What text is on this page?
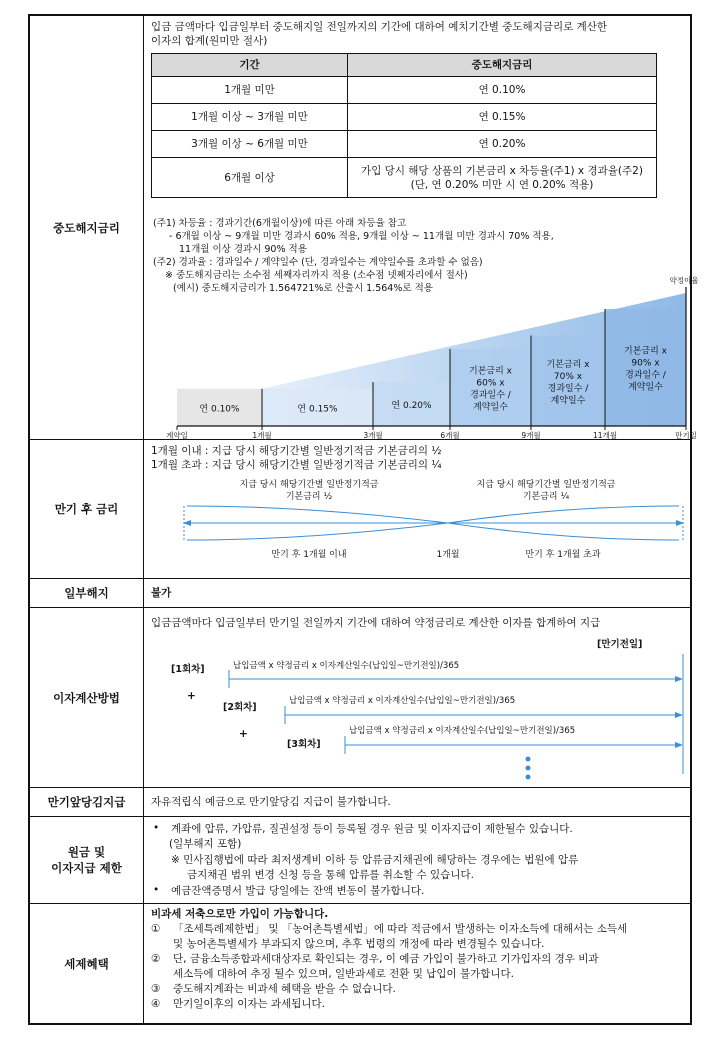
중도해지금리
입금 금액마다 입금일부터 중도해지일 전일까지의 기간에 대하여 예치기간별 중도해지금리로 계산한
이자의 합계(원미만 절사)
기간	중도해지금리
1개월 미만	연 0.10%
1개월 이상 ~ 3개월 미만	연 0.15%
3개월 이상 ~ 6개월 미만	연 0.20%
6개월 이상	가입 당시 해당 상품의 기본금리 x 차등율(주1) x 경과율(주2)
(단, 연 0.20% 미만 시 연 0.20% 적용)
(주1) 차등율 : 경과기간(6개월이상)에 따른 아래 차등율 참고
- 6개월 이상 ~ 9개월 미만 경과시 60% 적용, 9개월 이상 ~ 11개월 미만 경과시 70% 적용,
11개월 이상 경과시 90% 적용
(주2) 경과율 : 경과일수 / 계약일수 (단, 경과일수는 계약일수를 초과할 수 없음)
※ 중도해지금리는 소수점 세째자리까지 적용 (소수점 넷째자리에서 절사)
(예시) 중도해지금리가 1.564721%로 산출시 1.564%로 적용
연 0.10%	연 0.15%	연 0.20%
기본금리 x
60% x
경과일수 /
계약일수
기본금리 x
70% x
경과일수 /
계약일수
기본금리 x
90% x
경과일수 /
계약일수
약정이율
계약일	1개월	3개월	6개월	9개월	11개월	만기일
만기 후 금리
1개월 이내 : 지급 당시 해당기간별 일반정기적금 기본금리의 ½
1개월 초과 : 지급 당시 해당기간별 일반정기적금 기본금리의 ¼
지급 당시 해당기간별 일반정기적금
기본금리 ½
지급 당시 해당기간별 일반정기적금
기본금리 ¼
만기 후 1개월 이내	1개월	만기 후 1개월 초과
일부해지	불가
이자계산방법
입금금액마다 입금일부터 만기일 전일까지 기간에 대하여 약정금리로 계산한 이자를 합계하여 지급
[만기전일]
[1회차]	납입금액 x 약정금리 x 이자계산일수(납입일~만기전일)/365
+
[2회차]
납입금액 x 약정금리 x 이자계산일수(납입일~만기전일)/365
+
[3회차]
납입금액 x 약정금리 x 이자계산일수(납입일~만기전일)/365
만기앞당김지급	자유적립식 예금으로 만기앞당김 지급이 불가합니다.
원금 및
이자지급 제한
• 계좌에 압류, 가압류, 질권설정 등이 등록될 경우 원금 및 이자지급이 제한될수 있습니다.
(일부해지 포함)
※ 민사집행법에 따라 최저생계비 이하 등 압류금지채권에 해당하는 경우에는 법원에 압류
금지채권 범위 변경 신청 등을 통해 압류를 취소할 수 있습니다.
• 예금잔액증명서 발급 당일에는 잔액 변동이 불가합니다.
세제혜택
비과세 저축으로만 가입이 가능합니다.
① 「조세특례제한법」 및 「농어촌특별세법」에 따라 적금에서 발생하는 이자소득에 대해서는 소득세
및 농어촌특별세가 부과되지 않으며, 추후 법령의 개정에 따라 변경될수 있습니다.
② 단, 금융소득종합과세대상자로 확인되는 경우, 이 예금 가입이 불가하고 기가입자의 경우 비과
세소득에 대하여 추징 될수 있으며, 일반과세로 전환 및 납입이 불가합니다.
③ 중도해지계좌는 비과세 혜택을 받을 수 없습니다.
④ 만기일이후의 이자는 과세됩니다.
